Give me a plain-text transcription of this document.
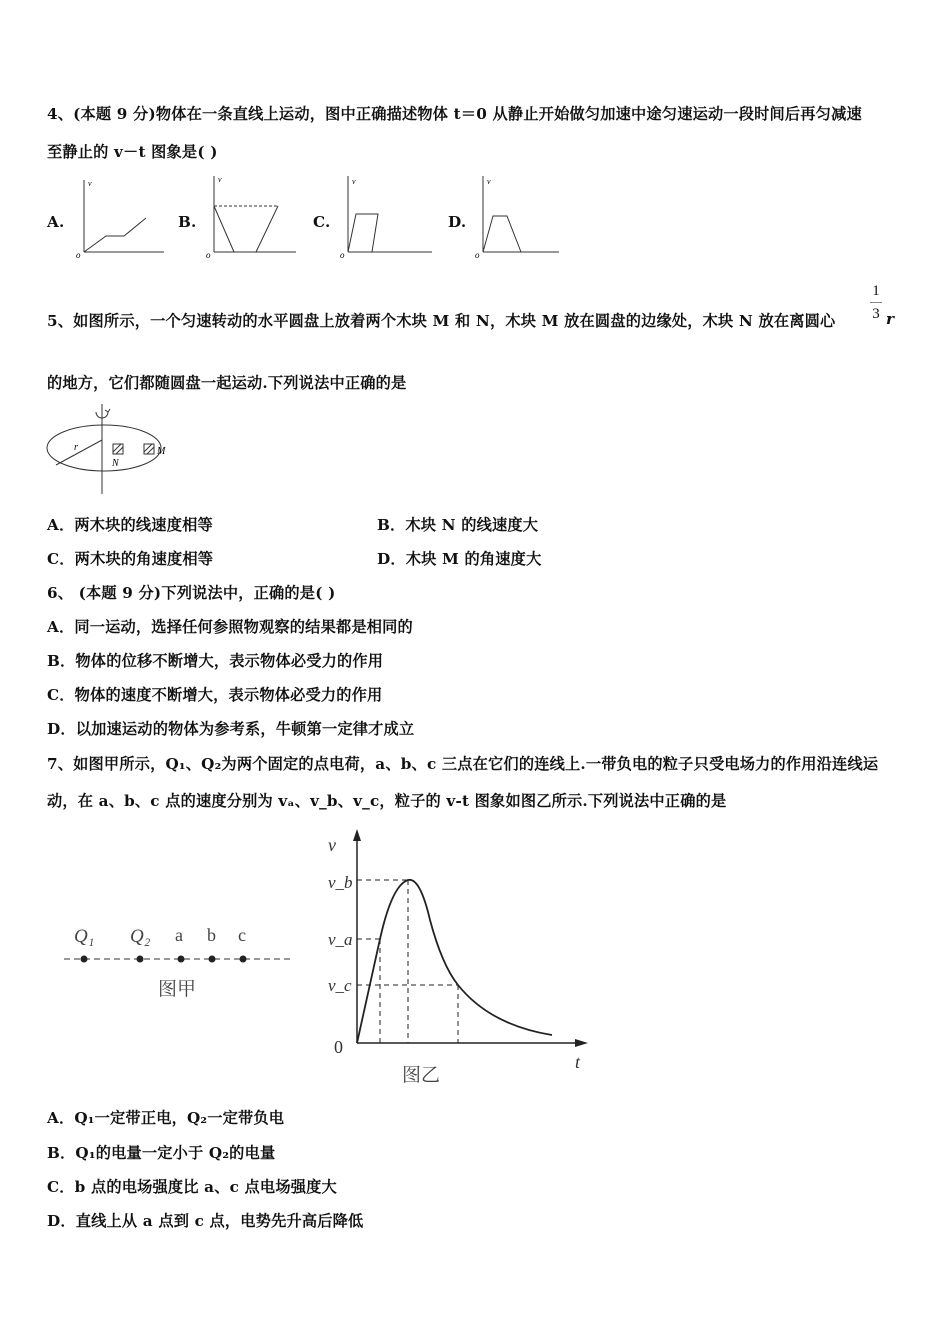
4、(本题 9 分)物体在一条直线上运动，图中正确描述物体 t＝0 从静止开始做匀加速中途匀速运动一段时间后再匀减速
至静止的 v－t 图象是( )
A.
v
o
B.
v
o
C.
v
o
D.
v
o
5、如图所示，一个匀速转动的水平圆盘上放着两个木块 M 和 N，木块 M 放在圆盘的边缘处，木块 N 放在离圆心
1
3 r
的地方，它们都随圆盘一起运动.下列说法中正确的是
r
N
M
A．两木块的线速度相等	B．木块 N 的线速度大
C．两木块的角速度相等	D．木块 M 的角速度大
6、 (本题 9 分)下列说法中，正确的是( )
A．同一运动，选择任何参照物观察的结果都是相同的
B．物体的位移不断增大，表示物体必受力的作用
C．物体的速度不断增大，表示物体必受力的作用
D．以加速运动的物体为参考系，牛顿第一定律才成立
7、如图甲所示，Q₁、Q₂为两个固定的点电荷，a、b、c 三点在它们的连线上.一带负电的粒子只受电场力的作用沿连线运
动，在 a、b、c 点的速度分别为 vₐ、v_b、v_c，粒子的 v-t 图象如图乙所示.下列说法中正确的是
Q₁ Q₂ a b c
图甲
v
v_b
v_a
v_c
0
t
图乙
A．Q₁一定带正电，Q₂一定带负电
B．Q₁的电量一定小于 Q₂的电量
C．b 点的电场强度比 a、c 点电场强度大
D．直线上从 a 点到 c 点，电势先升高后降低
